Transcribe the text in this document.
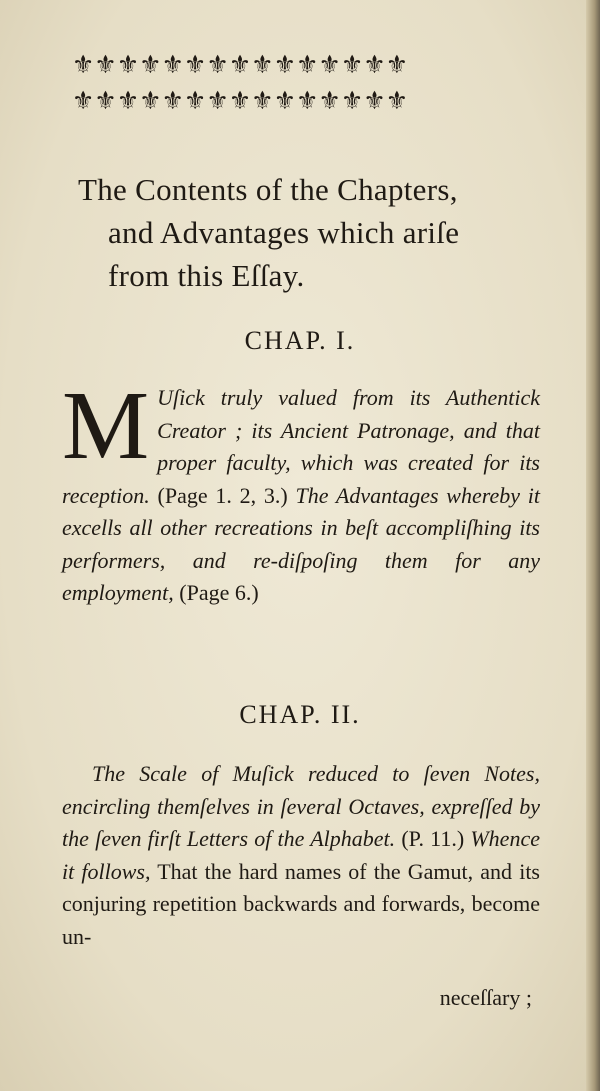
⚜⚜⚜⚜⚜⚜⚜⚜⚜⚜⚜⚜⚜⚜⚜
⚜⚜⚜⚜⚜⚜⚜⚜⚜⚜⚜⚜⚜⚜⚜
The Contents of the Chapters,
and Advantages which ariſe
from this Eſſay.
CHAP. I.
M Uſick truly valued from its Authentick Creator ; its Ancient Patronage, and that proper faculty, which was created for its reception. (Page 1. 2, 3.) The Advantages whereby it excells all other recreations in beſt accompliſhing its performers, and re-diſpoſing them for any employment, (Page 6.)
CHAP. II.
The Scale of Muſick reduced to ſeven Notes, encircling themſelves in ſeveral Octaves, expreſſed by the ſeven firſt Letters of the Alphabet. (P. 11.) Whence it follows, That the hard names of the Gamut, and its conjuring repetition backwards and forwards, become un-
neceſſary ;
